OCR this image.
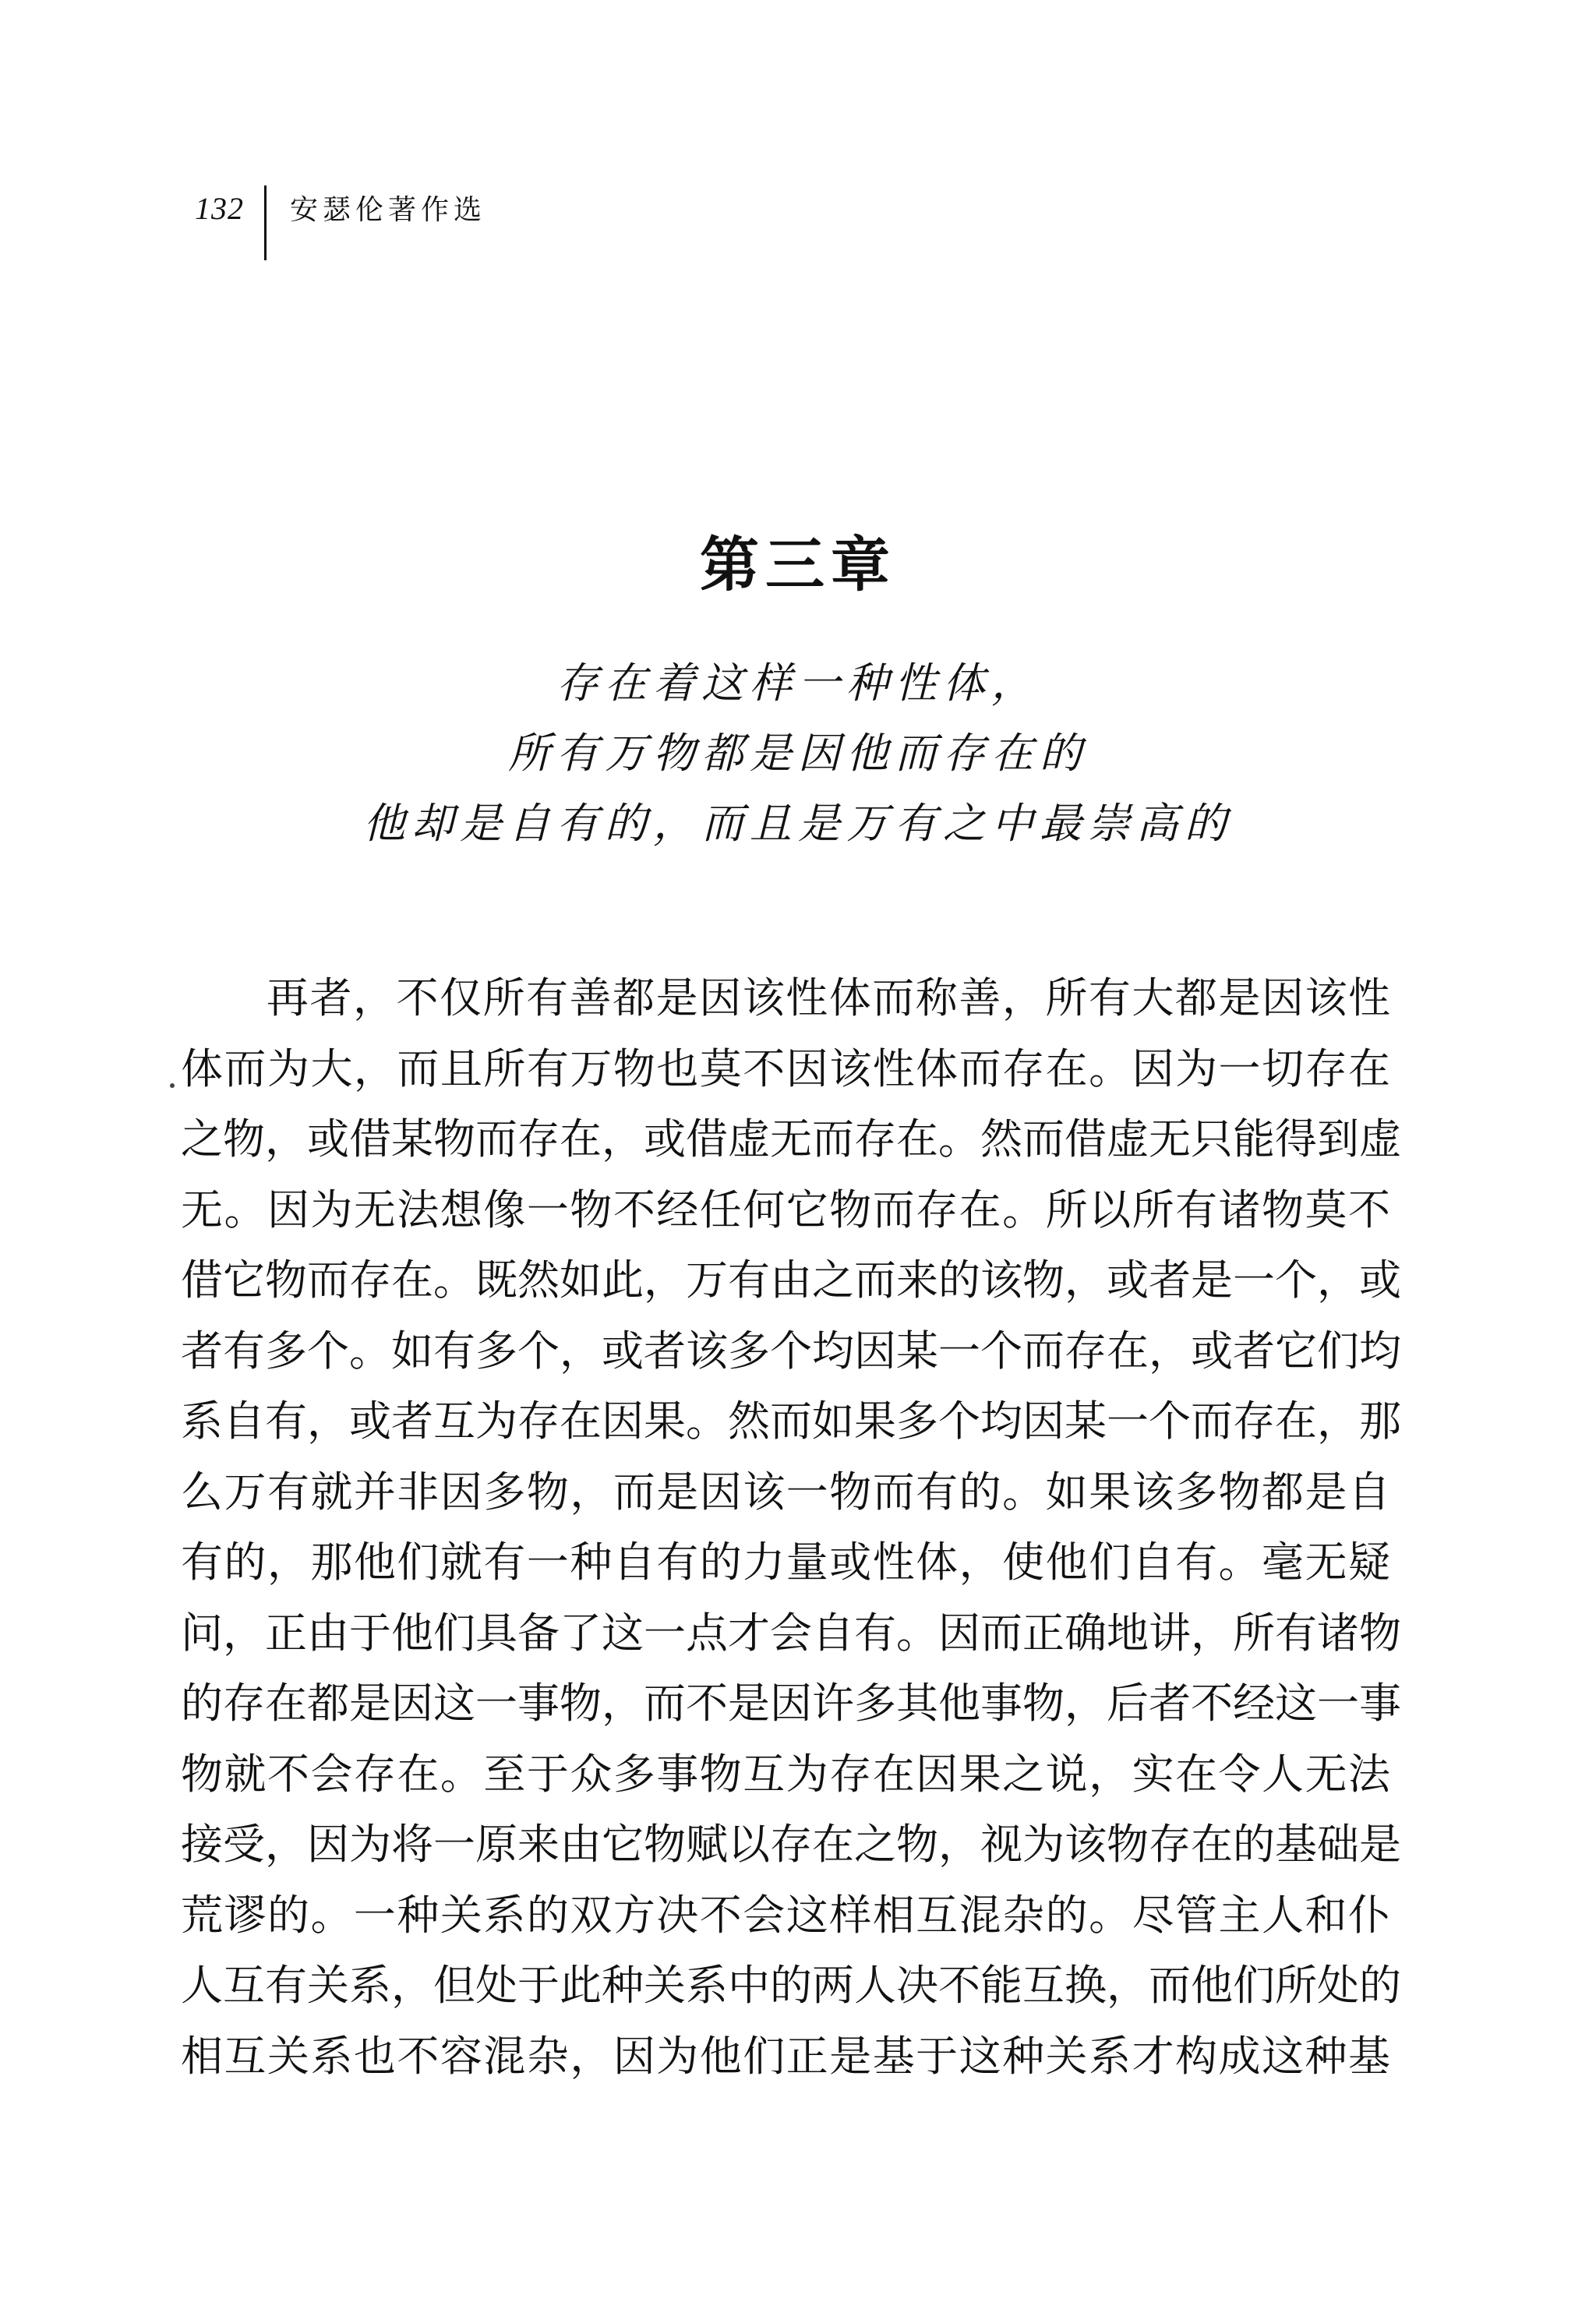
132	安瑟伦著作选
第三章
存在着这样一种性体，
所有万物都是因他而存在的
他却是自有的，而且是万有之中最崇高的
再者，不仅所有善都是因该性体而称善，所有大都是因该性
体而为大，而且所有万物也莫不因该性体而存在。因为一切存在
之物，或借某物而存在，或借虚无而存在。然而借虚无只能得到虚
无。因为无法想像一物不经任何它物而存在。所以所有诸物莫不
借它物而存在。既然如此，万有由之而来的该物，或者是一个，或
者有多个。如有多个，或者该多个均因某一个而存在，或者它们均
系自有，或者互为存在因果。然而如果多个均因某一个而存在，那
么万有就并非因多物，而是因该一物而有的。如果该多物都是自
有的，那他们就有一种自有的力量或性体，使他们自有。毫无疑
问，正由于他们具备了这一点才会自有。因而正确地讲，所有诸物
的存在都是因这一事物，而不是因许多其他事物，后者不经这一事
物就不会存在。至于众多事物互为存在因果之说，实在令人无法
接受，因为将一原来由它物赋以存在之物，视为该物存在的基础是
荒谬的。一种关系的双方决不会这样相互混杂的。尽管主人和仆
人互有关系，但处于此种关系中的两人决不能互换，而他们所处的
相互关系也不容混杂，因为他们正是基于这种关系才构成这种基
